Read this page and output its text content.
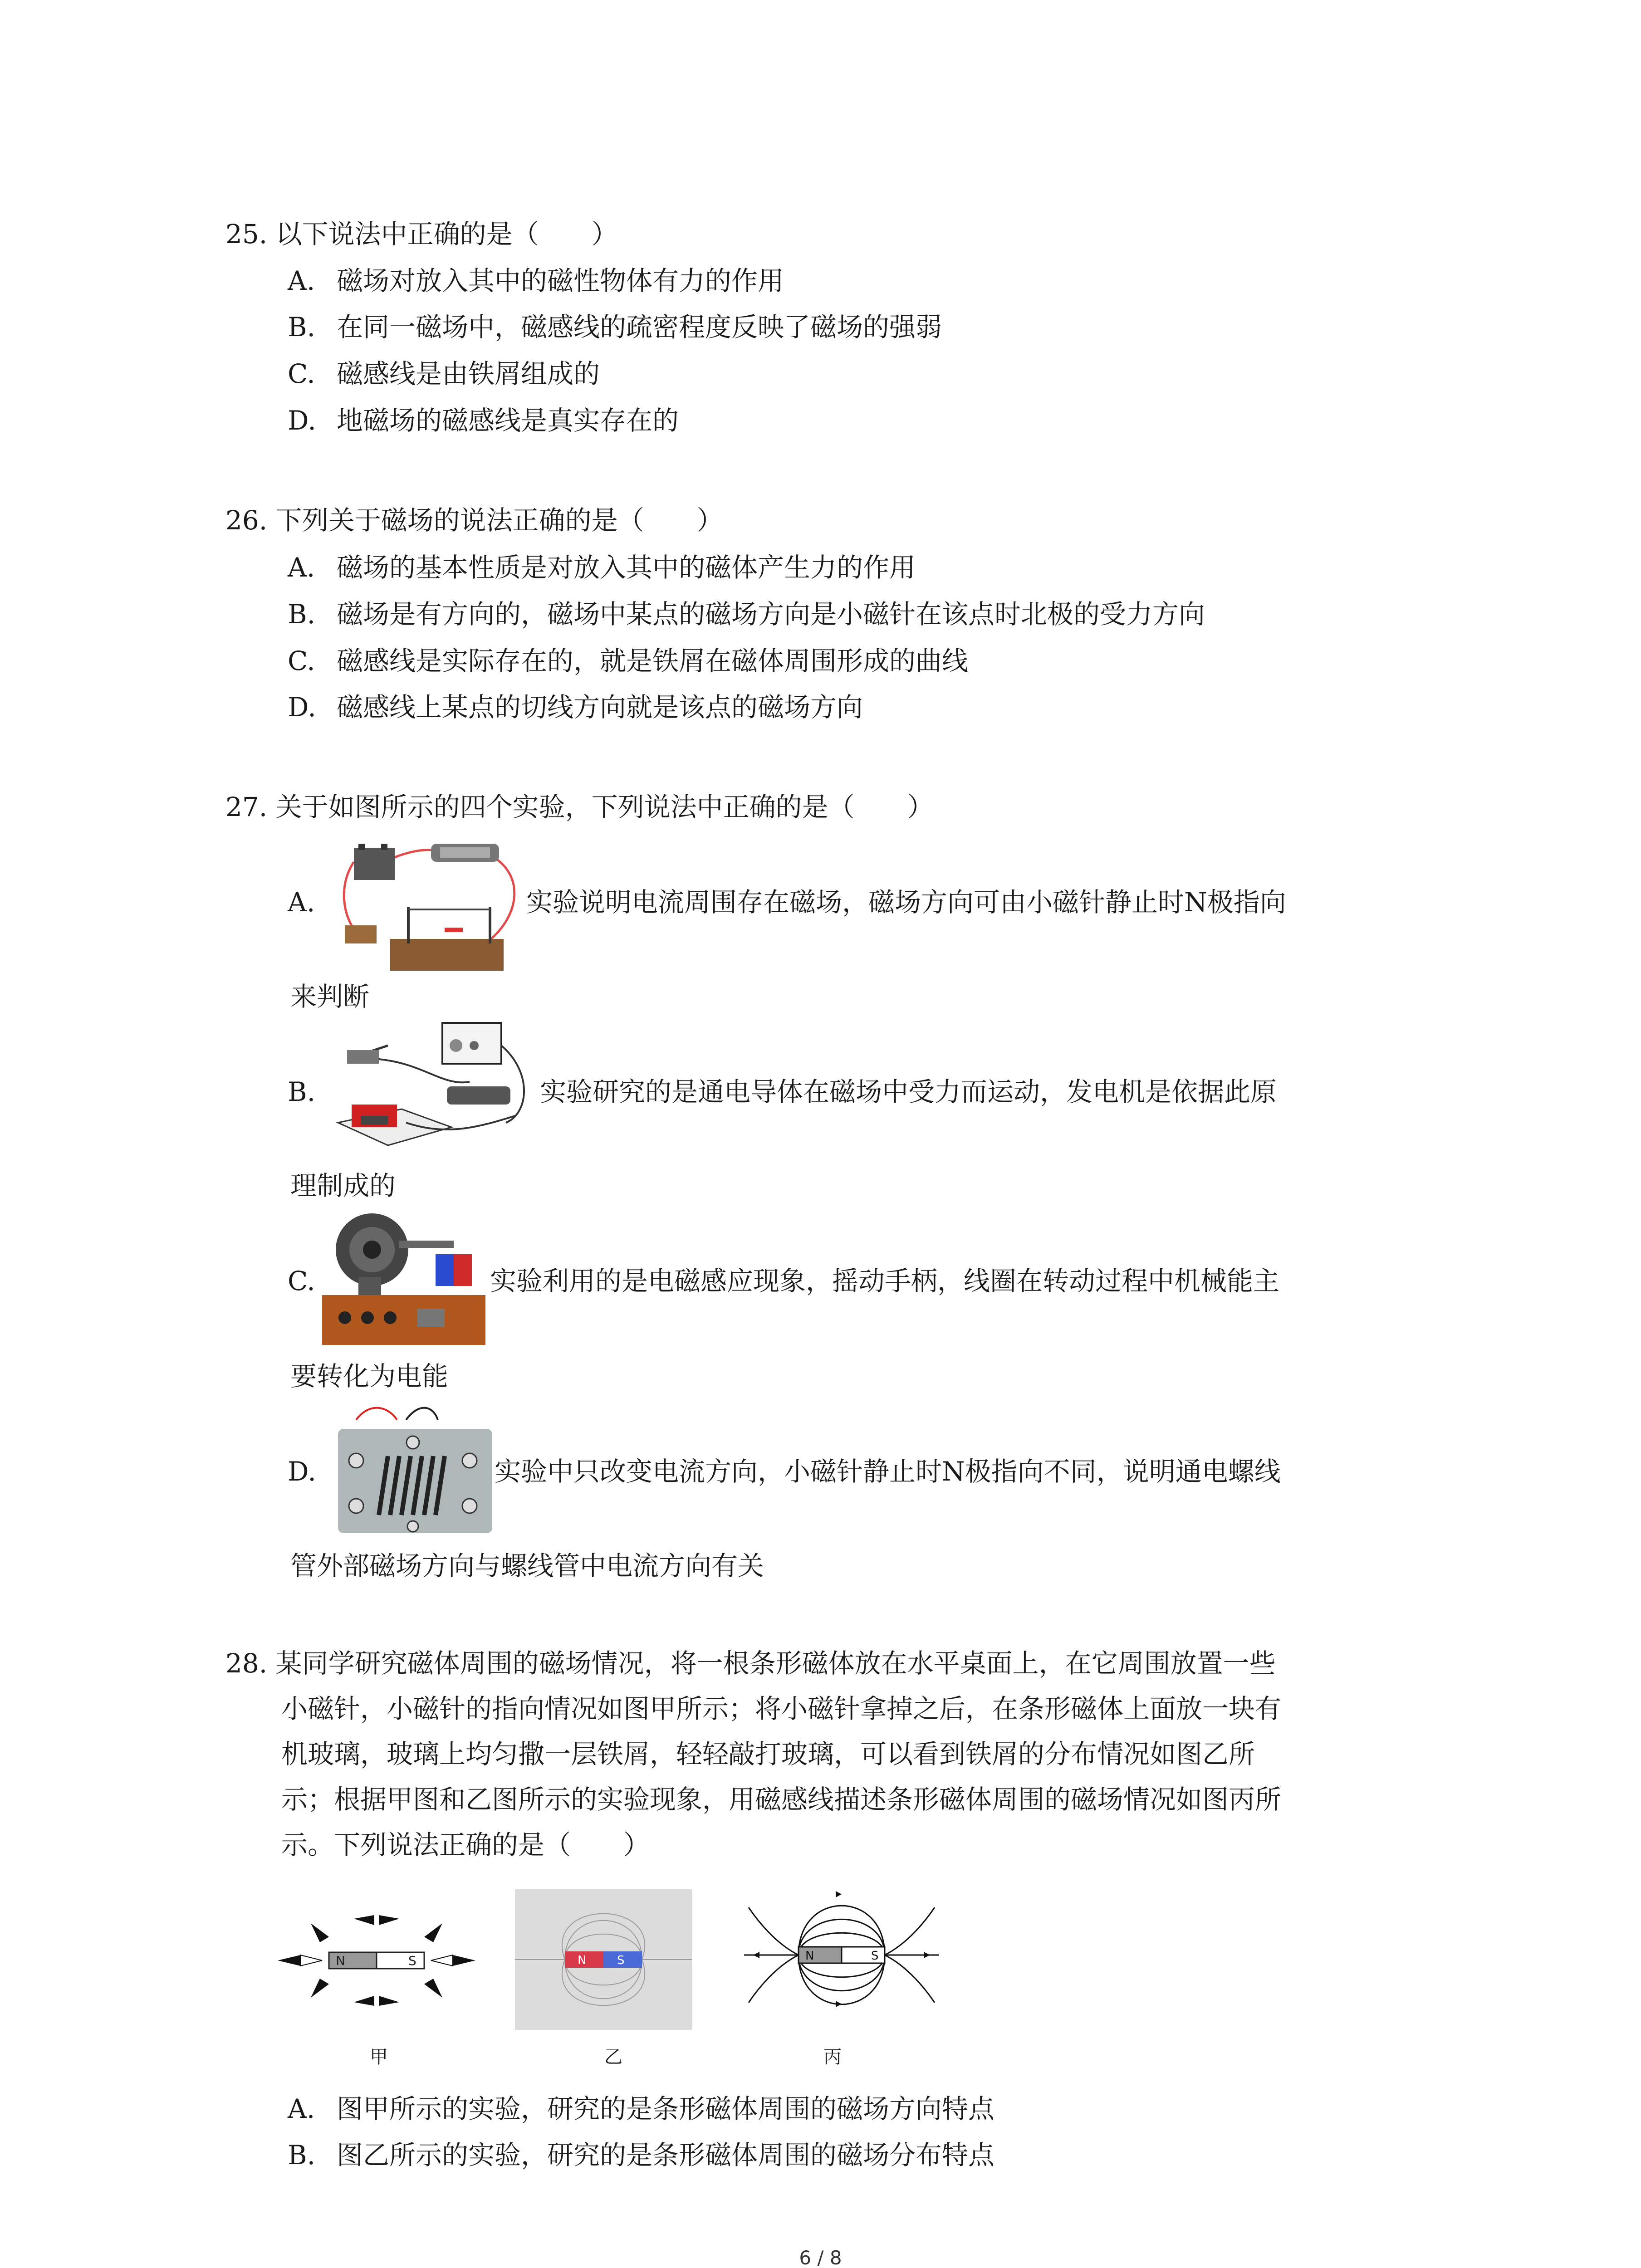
25. 以下说法中正确的是（　　）
A. 磁场对放入其中的磁性物体有力的作用
B. 在同一磁场中，磁感线的疏密程度反映了磁场的强弱
C. 磁感线是由铁屑组成的
D. 地磁场的磁感线是真实存在的
26. 下列关于磁场的说法正确的是（　　）
A. 磁场的基本性质是对放入其中的磁体产生力的作用
B. 磁场是有方向的，磁场中某点的磁场方向是小磁针在该点时北极的受力方向
C. 磁感线是实际存在的，就是铁屑在磁体周围形成的曲线
D. 磁感线上某点的切线方向就是该点的磁场方向
27. 关于如图所示的四个实验，下列说法中正确的是（　　）
A.	实验说明电流周围存在磁场，磁场方向可由小磁针静止时N极指向
来判断
B.	实验研究的是通电导体在磁场中受力而运动，发电机是依据此原
理制成的
C.	实验利用的是电磁感应现象，摇动手柄，线圈在转动过程中机械能主
要转化为电能
D.	实验中只改变电流方向，小磁针静止时N极指向不同，说明通电螺线
管外部磁场方向与螺线管中电流方向有关
28. 某同学研究磁体周围的磁场情况，将一根条形磁体放在水平桌面上，在它周围放置一些
小磁针，小磁针的指向情况如图甲所示；将小磁针拿掉之后，在条形磁体上面放一块有
机玻璃，玻璃上均匀撒一层铁屑，轻轻敲打玻璃，可以看到铁屑的分布情况如图乙所
示；根据甲图和乙图所示的实验现象，用磁感线描述条形磁体周围的磁场情况如图丙所
示。下列说法正确的是（　　）
N	S
甲
N	S
乙
N	S
丙
A. 图甲所示的实验，研究的是条形磁体周围的磁场方向特点
B. 图乙所示的实验，研究的是条形磁体周围的磁场分布特点
6 / 8
